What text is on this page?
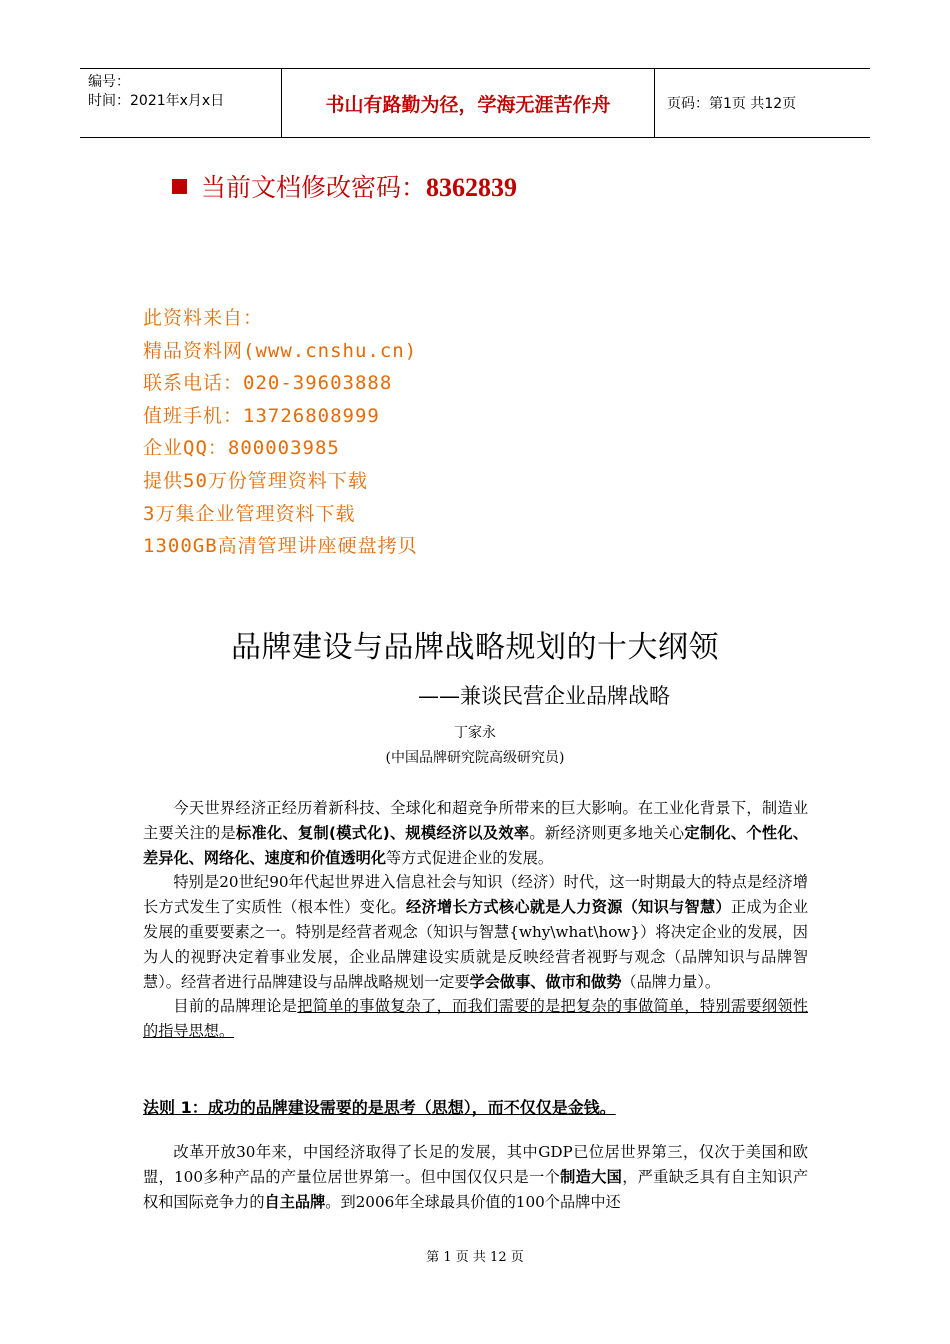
编号：
时间：2021年x月x日	书山有路勤为径，学海无涯苦作舟	页码：第1页 共12页
当前文档修改密码：8362839
此资料来自：
精品资料网(www.cnshu.cn)
联系电话：020-39603888
值班手机：13726808999
企业QQ：800003985
提供50万份管理资料下载
3万集企业管理资料下载
1300GB高清管理讲座硬盘拷贝
品牌建设与品牌战略规划的十大纲领
——兼谈民营企业品牌战略
丁家永
(中国品牌研究院高级研究员)

今天世界经济正经历着新科技、全球化和超竞争所带来的巨大影响。在工业化背景下，制造业主要关注的是标准化、复制(模式化)、规模经济以及效率。新经济则更多地关心定制化、个性化、差异化、网络化、速度和价值透明化等方式促进企业的发展。

特别是20世纪90年代起世界进入信息社会与知识（经济）时代，这一时期最大的特点是经济增长方式发生了实质性（根本性）变化。经济增长方式核心就是人力资源（知识与智慧）正成为企业发展的重要要素之一。特别是经营者观念（知识与智慧{why\what\how}）将决定企业的发展，因为人的视野决定着事业发展，企业品牌建设实质就是反映经营者视野与观念（品牌知识与品牌智慧）。经营者进行品牌建设与品牌战略规划一定要学会做事、做市和做势（品牌力量）。

目前的品牌理论是把简单的事做复杂了，而我们需要的是把复杂的事做简单，特别需要纲领性的指导思想。

法则 1：成功的品牌建设需要的是思考（思想），而不仅仅是金钱。

改革开放30年来，中国经济取得了长足的发展，其中GDP已位居世界第三，仅次于美国和欧盟，100多种产品的产量位居世界第一。但中国仅仅只是一个制造大国，严重缺乏具有自主知识产权和国际竞争力的自主品牌。到2006年全球最具价值的100个品牌中还

第 1 页 共 12 页
